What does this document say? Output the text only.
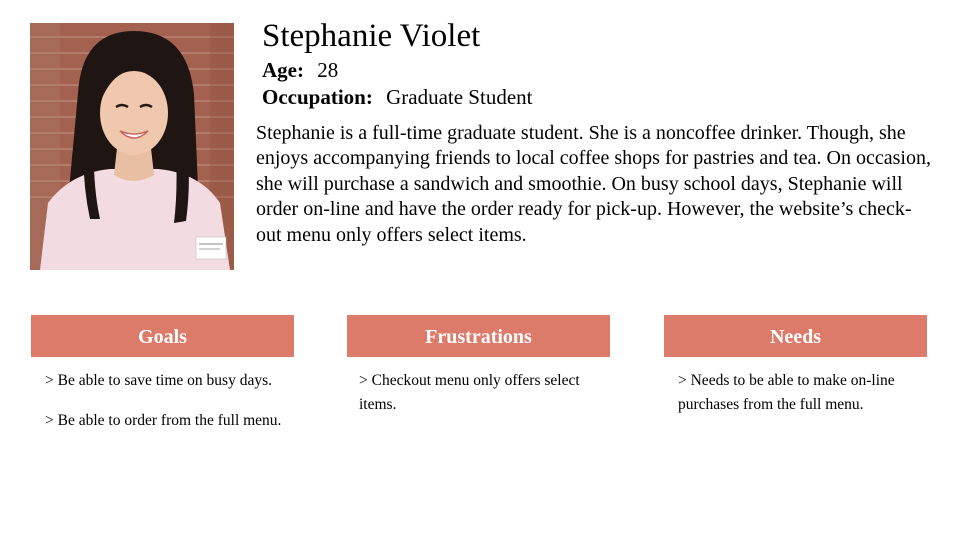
Stephanie Violet
Age: 28
Occupation: Graduate Student

Stephanie is a full-time graduate student. She is a noncoffee drinker. Though, she enjoys accompanying friends to local coffee shops for pastries and tea. On occasion, she will purchase a sandwich and smoothie. On busy school days, Stephanie will order on-line and have the order ready for pick-up. However, the website’s check-out menu only offers select items.

Goals
> Be able to save time on busy days.
> Be able to order from the full menu.
Frustrations
> Checkout menu only offers select items.
Needs
> Needs to be able to make on-line purchases from the full menu.
